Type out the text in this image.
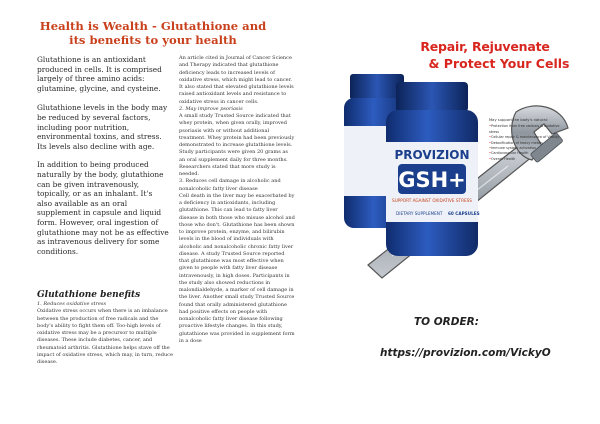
Health is Wealth - Glutathione and its benefits to your health

Glutathione is an antioxidant produced in cells. It is comprised largely of three amino acids: glutamine, glycine, and cysteine.

Glutathione levels in the body may be reduced by several factors, including poor nutrition, environmental toxins, and stress. Its levels also decline with age.

In addition to being produced naturally by the body, glutathione can be given intravenously, topically, or as an inhalant. It's also available as an oral supplement in capsule and liquid form. However, oral ingestion of glutathione may not be as effective as intravenous delivery for some conditions.

Glutathione benefits

1. Reduces oxidative stress

Oxidative stress occurs when there is an imbalance between the production of free radicals and the body's ability to fight them off. Too-high levels of oxidative stress may be a precursor to multiple diseases. These include diabetes, cancer, and rheumatoid arthritis. Glutathione helps stave off the impact of oxidative stress, which may, in turn, reduce disease.

An article cited in Journal of Cancer Science and Therapy indicated that glutathione deficiency leads to increased levels of oxidative stress, which might lead to cancer. It also stated that elevated glutathione levels raised antioxidant levels and resistance to oxidative stress in cancer cells.

2. May improve psoriasis

A small study Trusted Source indicated that whey protein, when given orally, improved psoriasis with or without additional treatment. Whey protein had been previously demonstrated to increase glutathione levels. Study participants were given 20 grams as an oral supplement daily for three months. Researchers stated that more study is needed.

3. Reduces cell damage in alcoholic and nonalcoholic fatty liver disease

Cell death in the liver may be exacerbated by a deficiency in antioxidants, including glutathione. This can lead to fatty liver disease in both those who misuse alcohol and those who don't. Glutathione has been shown to improve protein, enzyme, and bilirubin levels in the blood of individuals with alcoholic and nonalcoholic chronic fatty liver disease. A study Trusted Source reported that glutathione was most effective when given to people with fatty liver disease intravenously, in high doses. Participants in the study also showed reductions in malondialdehyde, a marker of cell damage in the liver. Another small study Trusted Source found that orally administered glutathione had positive effects on people with nonalcoholic fatty liver disease following proactive lifestyle changes. In this study, glutathione was provided in supplement form in a dose

Repair, Rejuvenate
& Protect Your Cells
PROVIZION
GSH+
SUPPORT AGAINST OXIDATIVE STRESS
DIETARY SUPPLEMENT 60 CAPSULES
May support the body's natural:
• Protection from free radicals & oxidative stress
• Cellular repair & maintenance of Vitality
• Detoxification of heavy metals
• Immune system activation
• Cardiovascular Health
• Overall Health

TO ORDER:

https://provizion.com/VickyO
